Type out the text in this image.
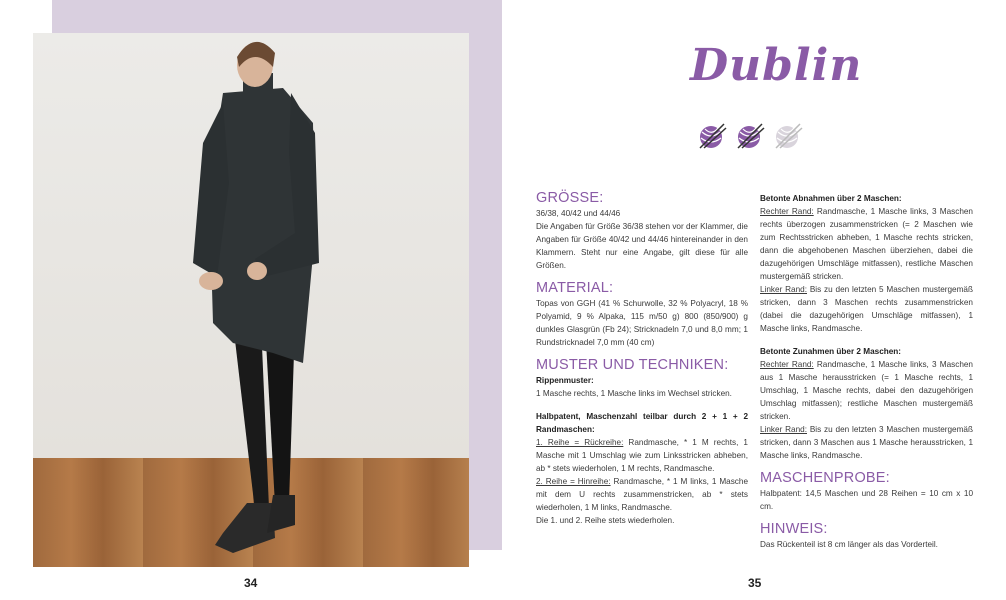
34	35
Dublin
GRÖSSE:

36/38, 40/42 und 44/46

Die Angaben für Größe 36/38 stehen vor der Klammer, die Angaben für Größe 40/42 und 44/46 hintereinander in den Klammern. Steht nur eine Angabe, gilt diese für alle Größen.

MATERIAL:

Topas von GGH (41 % Schurwolle, 32 % Polyacryl, 18 % Polyamid, 9 % Alpaka, 115 m/50 g) 800 (850/900) g dunkles Glasgrün (Fb 24); Stricknadeln 7,0 und 8,0 mm; 1 Rundstricknadel 7,0 mm (40 cm)

MUSTER UND TECHNIKEN:

Rippenmuster:

1 Masche rechts, 1 Masche links im Wechsel stricken.

Halbpatent, Maschenzahl teilbar durch 2 + 1 + 2 Randmaschen:

1. Reihe = Rückreihe: Randmasche, * 1 M rechts, 1 Masche mit 1 Umschlag wie zum Linksstricken abheben, ab * stets wiederholen, 1 M rechts, Randmasche.

2. Reihe = Hinreihe: Randmasche, * 1 M links, 1 Masche mit dem U rechts zusammenstricken, ab * stets wiederholen, 1 M links, Randmasche.

Die 1. und 2. Reihe stets wiederholen.

Betonte Abnahmen über 2 Maschen:

Rechter Rand: Randmasche, 1 Masche links, 3 Maschen rechts überzogen zusammenstricken (= 2 Maschen wie zum Rechtsstricken abheben, 1 Masche rechts stricken, dann die abgehobenen Maschen überziehen, dabei die dazugehörigen Umschläge mitfassen), restliche Maschen mustergemäß stricken.

Linker Rand: Bis zu den letzten 5 Maschen mustergemäß stricken, dann 3 Maschen rechts zusammenstricken (dabei die dazugehörigen Umschläge mitfassen), 1 Masche links, Randmasche.

Betonte Zunahmen über 2 Maschen:

Rechter Rand: Randmasche, 1 Masche links, 3 Maschen aus 1 Masche herausstricken (= 1 Masche rechts, 1 Umschlag, 1 Masche rechts, dabei den dazugehörigen Umschlag mitfassen); restliche Maschen mustergemäß stricken.

Linker Rand: Bis zu den letzten 3 Maschen mustergemäß stricken, dann 3 Maschen aus 1 Masche herausstricken, 1 Masche links, Randmasche.

MASCHENPROBE:

Halbpatent: 14,5 Maschen und 28 Reihen = 10 cm x 10 cm.

HINWEIS:

Das Rückenteil ist 8 cm länger als das Vorderteil.
